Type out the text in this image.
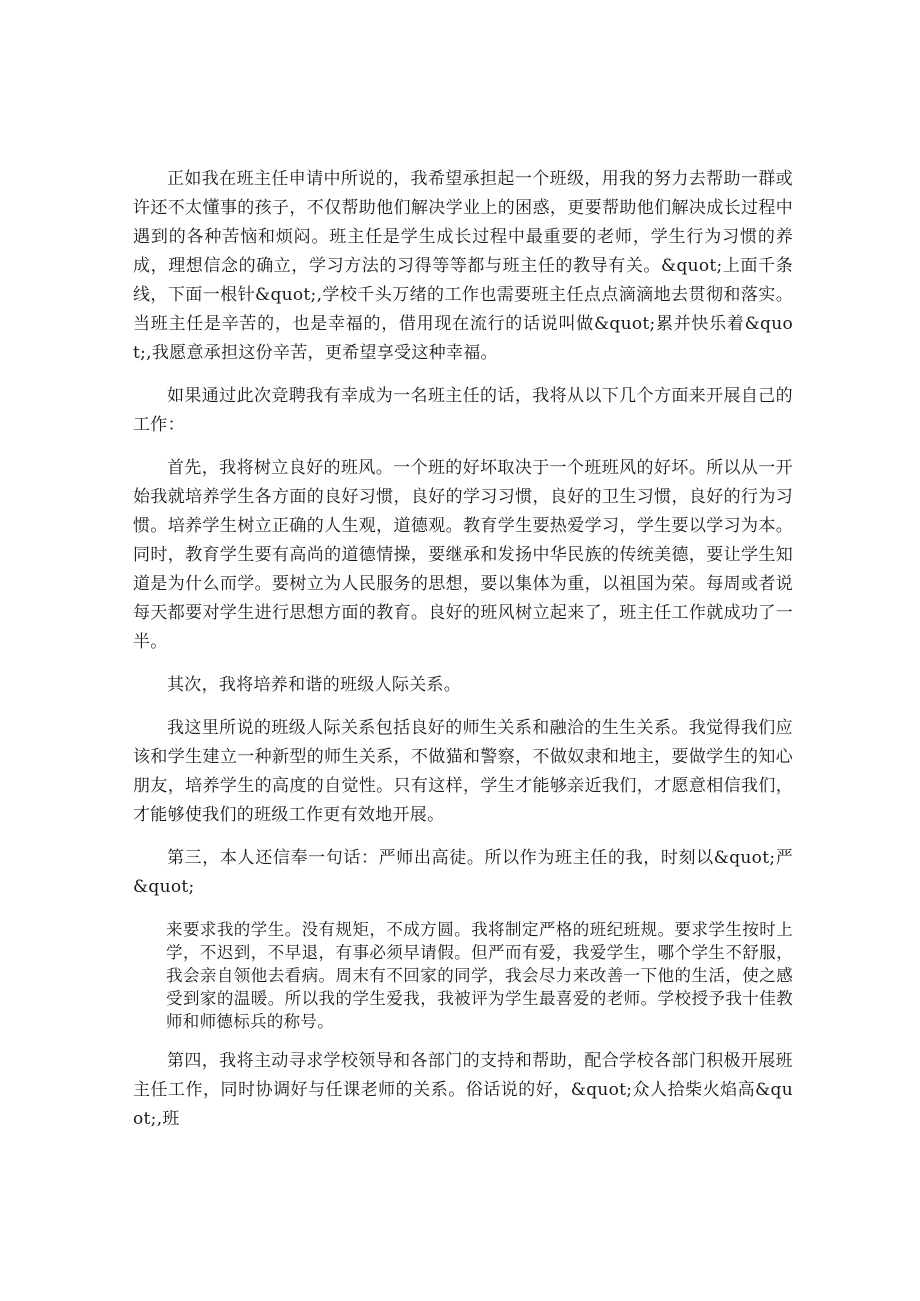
正如我在班主任申请中所说的，我希望承担起一个班级，用我的努力去帮助一群或许还不太懂事的孩子，不仅帮助他们解决学业上的困惑，更要帮助他们解决成长过程中遇到的各种苦恼和烦闷。班主任是学生成长过程中最重要的老师，学生行为习惯的养成，理想信念的确立，学习方法的习得等等都与班主任的教导有关。&quot;上面千条线，下面一根针&quot;,学校千头万绪的工作也需要班主任点点滴滴地去贯彻和落实。当班主任是辛苦的，也是幸福的，借用现在流行的话说叫做&quot;累并快乐着&quot;,我愿意承担这份辛苦，更希望享受这种幸福。

如果通过此次竞聘我有幸成为一名班主任的话，我将从以下几个方面来开展自己的工作：

首先，我将树立良好的班风。一个班的好坏取决于一个班班风的好坏。所以从一开始我就培养学生各方面的良好习惯，良好的学习习惯，良好的卫生习惯，良好的行为习惯。培养学生树立正确的人生观，道德观。教育学生要热爱学习，学生要以学习为本。同时，教育学生要有高尚的道德情操，要继承和发扬中华民族的传统美德，要让学生知道是为什么而学。要树立为人民服务的思想，要以集体为重，以祖国为荣。每周或者说每天都要对学生进行思想方面的教育。良好的班风树立起来了，班主任工作就成功了一半。

其次，我将培养和谐的班级人际关系。

我这里所说的班级人际关系包括良好的师生关系和融洽的生生关系。我觉得我们应该和学生建立一种新型的师生关系，不做猫和警察，不做奴隶和地主，要做学生的知心朋友，培养学生的高度的自觉性。只有这样，学生才能够亲近我们，才愿意相信我们，才能够使我们的班级工作更有效地开展。

第三，本人还信奉一句话：严师出高徒。所以作为班主任的我，时刻以&quot;严&quot;

来要求我的学生。没有规矩，不成方圆。我将制定严格的班纪班规。要求学生按时上学，不迟到，不早退，有事必须早请假。但严而有爱，我爱学生，哪个学生不舒服，我会亲自领他去看病。周末有不回家的同学，我会尽力来改善一下他的生活，使之感受到家的温暖。所以我的学生爱我，我被评为学生最喜爱的老师。学校授予我十佳教师和师德标兵的称号。

第四，我将主动寻求学校领导和各部门的支持和帮助，配合学校各部门积极开展班主任工作，同时协调好与任课老师的关系。俗话说的好，&quot;众人拾柴火焰高&quot;,班
